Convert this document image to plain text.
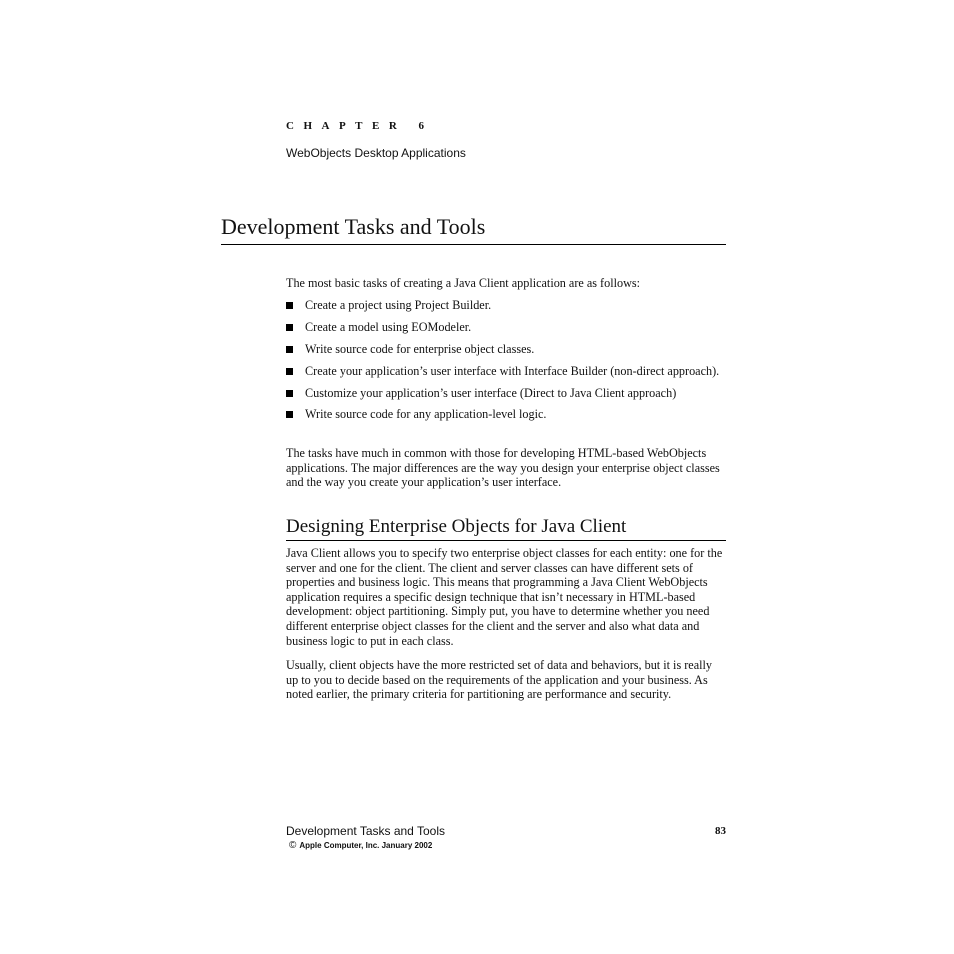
CHAPTER 6
WebObjects Desktop Applications
Development Tasks and Tools

The most basic tasks of creating a Java Client application are as follows:

Create a project using Project Builder.
Create a model using EOModeler.
Write source code for enterprise object classes.
Create your application’s user interface with Interface Builder (non-direct approach).
Customize your application’s user interface (Direct to Java Client approach)
Write source code for any application-level logic.

The tasks have much in common with those for developing HTML-based WebObjects applications. The major differences are the way you design your enterprise object classes and the way you create your application’s user interface.

Designing Enterprise Objects for Java Client

Java Client allows you to specify two enterprise object classes for each entity: one for the server and one for the client. The client and server classes can have different sets of properties and business logic. This means that programming a Java Client WebObjects application requires a specific design technique that isn’t necessary in HTML-based development: object partitioning. Simply put, you have to determine whether you need different enterprise object classes for the client and the server and also what data and business logic to put in each class.

Usually, client objects have the more restricted set of data and behaviors, but it is really up to you to decide based on the requirements of the application and your business. As noted earlier, the primary criteria for partitioning are performance and security.

Development Tasks and Tools	83
© Apple Computer, Inc. January 2002
